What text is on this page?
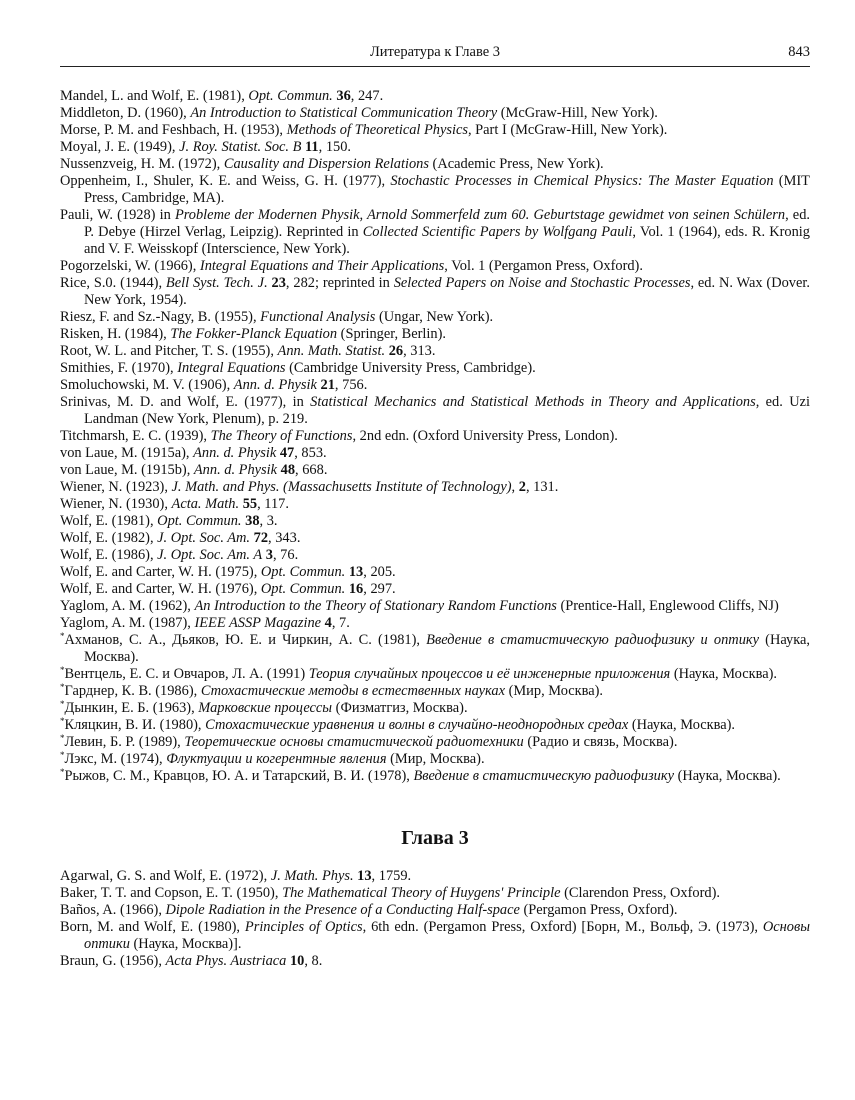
Литература к Главе 3	843

Mandel, L. and Wolf, E. (1981), Opt. Commun. 36, 247.

Middleton, D. (1960), An Introduction to Statistical Communication Theory (McGraw-Hill, New York).

Morse, P. M. and Feshbach, H. (1953), Methods of Theoretical Physics, Part I (McGraw-Hill, New York).

Moyal, J. E. (1949), J. Roy. Statist. Soc. B 11, 150.

Nussenzveig, H. M. (1972), Causality and Dispersion Relations (Academic Press, New York).

Oppenheim, I., Shuler, K. E. and Weiss, G. H. (1977), Stochastic Processes in Chemical Physics: The Master Equation (MIT Press, Cambridge, MA).

Pauli, W. (1928) in Probleme der Modernen Physik, Arnold Sommerfeld zum 60. Geburtstage gewidmet von seinen Schülern, ed. P. Debye (Hirzel Verlag, Leipzig). Reprinted in Collected Scientific Papers by Wolfgang Pauli, Vol. 1 (1964), eds. R. Kronig and V. F. Weisskopf (Interscience, New York).

Pogorzelski, W. (1966), Integral Equations and Their Applications, Vol. 1 (Pergamon Press, Oxford).

Rice, S.0. (1944), Bell Syst. Tech. J. 23, 282; reprinted in Selected Papers on Noise and Stochastic Processes, ed. N. Wax (Dover. New York, 1954).

Riesz, F. and Sz.-Nagy, B. (1955), Functional Analysis (Ungar, New York).

Risken, H. (1984), The Fokker-Planck Equation (Springer, Berlin).

Root, W. L. and Pitcher, T. S. (1955), Ann. Math. Statist. 26, 313.

Smithies, F. (1970), Integral Equations (Cambridge University Press, Cambridge).

Smoluchowski, M. V. (1906), Ann. d. Physik 21, 756.

Srinivas, M. D. and Wolf, E. (1977), in Statistical Mechanics and Statistical Methods in Theory and Applications, ed. Uzi Landman (New York, Plenum), p. 219.

Titchmarsh, E. C. (1939), The Theory of Functions, 2nd edn. (Oxford University Press, London).

von Laue, M. (1915a), Ann. d. Physik 47, 853.

von Laue, M. (1915b), Ann. d. Physik 48, 668.

Wiener, N. (1923), J. Math. and Phys. (Massachusetts Institute of Technology), 2, 131.

Wiener, N. (1930), Acta. Math. 55, 117.

Wolf, E. (1981), Opt. Commun. 38, 3.

Wolf, E. (1982), J. Opt. Soc. Am. 72, 343.

Wolf, E. (1986), J. Opt. Soc. Am. A 3, 76.

Wolf, E. and Carter, W. H. (1975), Opt. Commun. 13, 205.

Wolf, E. and Carter, W. H. (1976), Opt. Commun. 16, 297.

Yaglom, A. M. (1962), An Introduction to the Theory of Stationary Random Functions (Prentice-Hall, Englewood Cliffs, NJ)

Yaglom, A. M. (1987), IEEE ASSP Magazine 4, 7.

*Ахманов, С. А., Дьяков, Ю. Е. и Чиркин, А. С. (1981), Введение в статистическую радиофизику и оптику (Наука, Москва).

*Вентцель, Е. С. и Овчаров, Л. А. (1991) Теория случайных процессов и её инженерные приложения (Наука, Москва).

*Гарднер, К. В. (1986), Стохастические методы в естественных науках (Мир, Москва).

*Дынкин, Е. Б. (1963), Марковские процессы (Физматгиз, Москва).

*Кляцкин, В. И. (1980), Стохастические уравнения и волны в случайно-неоднородных средах (Наука, Москва).

*Левин, Б. Р. (1989), Теоретические основы статистической радиотехники (Радио и связь, Москва).

*Лэкс, М. (1974), Флуктуации и когерентные явления (Мир, Москва).

*Рыжов, С. М., Кравцов, Ю. А. и Татарский, В. И. (1978), Введение в статистическую радиофизику (Наука, Москва).

Глава 3

Agarwal, G. S. and Wolf, E. (1972), J. Math. Phys. 13, 1759.

Baker, T. T. and Copson, E. T. (1950), The Mathematical Theory of Huygens' Principle (Clarendon Press, Oxford).

Baños, A. (1966), Dipole Radiation in the Presence of a Conducting Half-space (Pergamon Press, Oxford).

Born, M. and Wolf, E. (1980), Principles of Optics, 6th edn. (Pergamon Press, Oxford) [Борн, М., Вольф, Э. (1973), Основы оптики (Наука, Москва)].

Braun, G. (1956), Acta Phys. Austriaca 10, 8.
